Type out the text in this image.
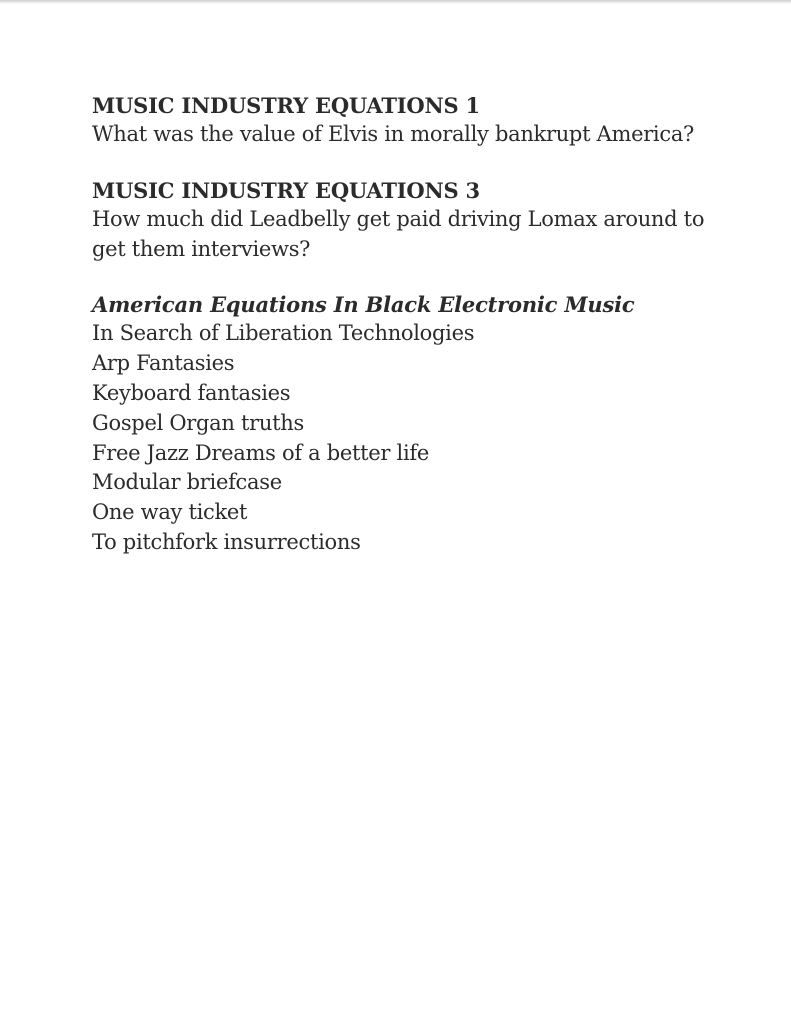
MUSIC INDUSTRY EQUATIONS 1

What was the value of Elvis in morally bankrupt America?

MUSIC INDUSTRY EQUATIONS 3

How much did Leadbelly get paid driving Lomax around to

get them interviews?

American Equations In Black Electronic Music

In Search of Liberation Technologies

Arp Fantasies

Keyboard fantasies

Gospel Organ truths

Free Jazz Dreams of a better life

Modular briefcase

One way ticket

To pitchfork insurrections
